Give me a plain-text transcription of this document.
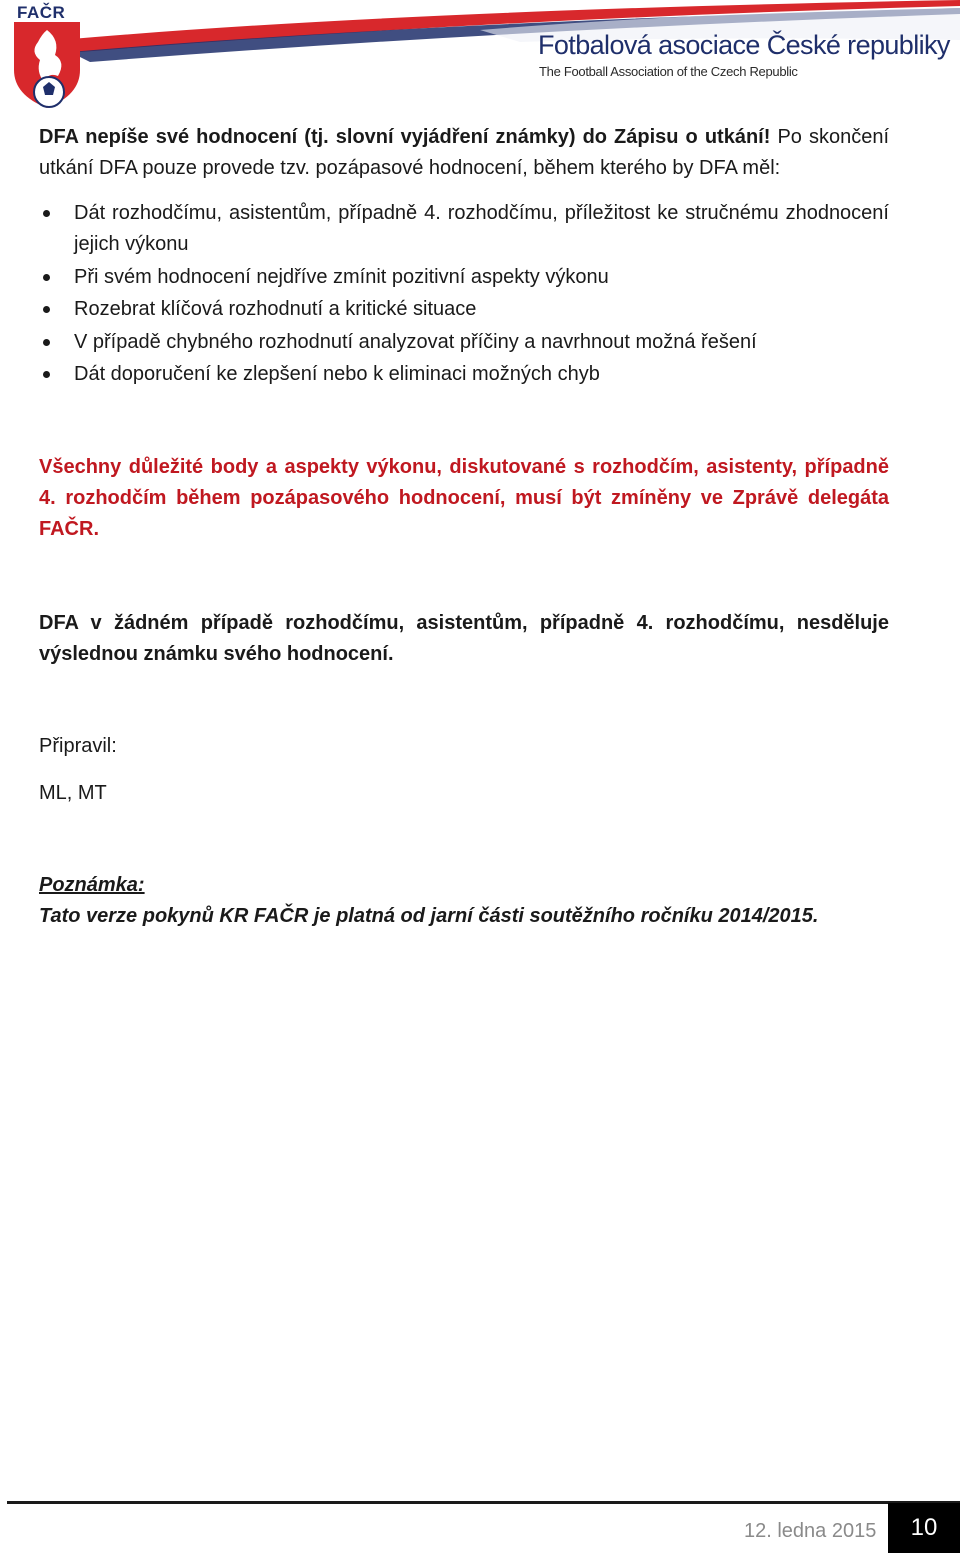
FAČR
Fotbalová asociace České republiky
The Football Association of the Czech Republic

DFA nepíše své hodnocení (tj. slovní vyjádření známky) do Zápisu o utkání! Po skončení utkání DFA pouze provede tzv. pozápasové hodnocení, během kterého by DFA měl:

Dát rozhodčímu, asistentům, případně 4. rozhodčímu, příležitost ke stručnému zhodnocení jejich výkonu
Při svém hodnocení nejdříve zmínit pozitivní aspekty výkonu
Rozebrat klíčová rozhodnutí a kritické situace
V případě chybného rozhodnutí analyzovat příčiny a navrhnout možná řešení
Dát doporučení ke zlepšení nebo k eliminaci možných chyb

Všechny důležité body a aspekty výkonu, diskutované s rozhodčím, asistenty, případně 4. rozhodčím během pozápasového hodnocení, musí být zmíněny ve Zprávě delegáta FAČR.

DFA v žádném případě rozhodčímu, asistentům, případně 4. rozhodčímu, nesděluje výslednou známku svého hodnocení.

Připravil:

ML, MT

Poznámka:

Tato verze pokynů KR FAČR je platná od jarní části soutěžního ročníku 2014/2015.

12. ledna 2015	10
